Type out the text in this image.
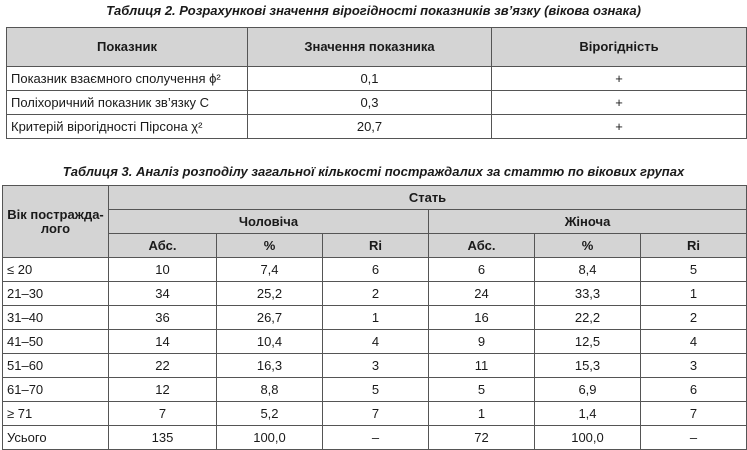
Таблиця 2. Розрахункові значення вірогідності показників зв’язку (вікова ознака)
Показник	Значення показника	Вірогідність
Показник взаємного сполучення ϕ²	0,1	+
Поліхоричний показник зв’язку С	0,3	+
Критерій вірогідності Пірсона χ²	20,7	+
Таблиця 3. Аналіз розподілу загальної кількості постраждалих за статтю по вікових групах
Вік постражда-лого	Стать					
	Чоловіча			Жіноча		
	Абс.	%	Ri	Абс.	%	Ri
≤ 20	10	7,4	6	6	8,4	5
21–30	34	25,2	2	24	33,3	1
31–40	36	26,7	1	16	22,2	2
41–50	14	10,4	4	9	12,5	4
51–60	22	16,3	3	11	15,3	3
61–70	12	8,8	5	5	6,9	6
≥ 71	7	5,2	7	1	1,4	7
Усього	135	100,0	–	72	100,0	–
